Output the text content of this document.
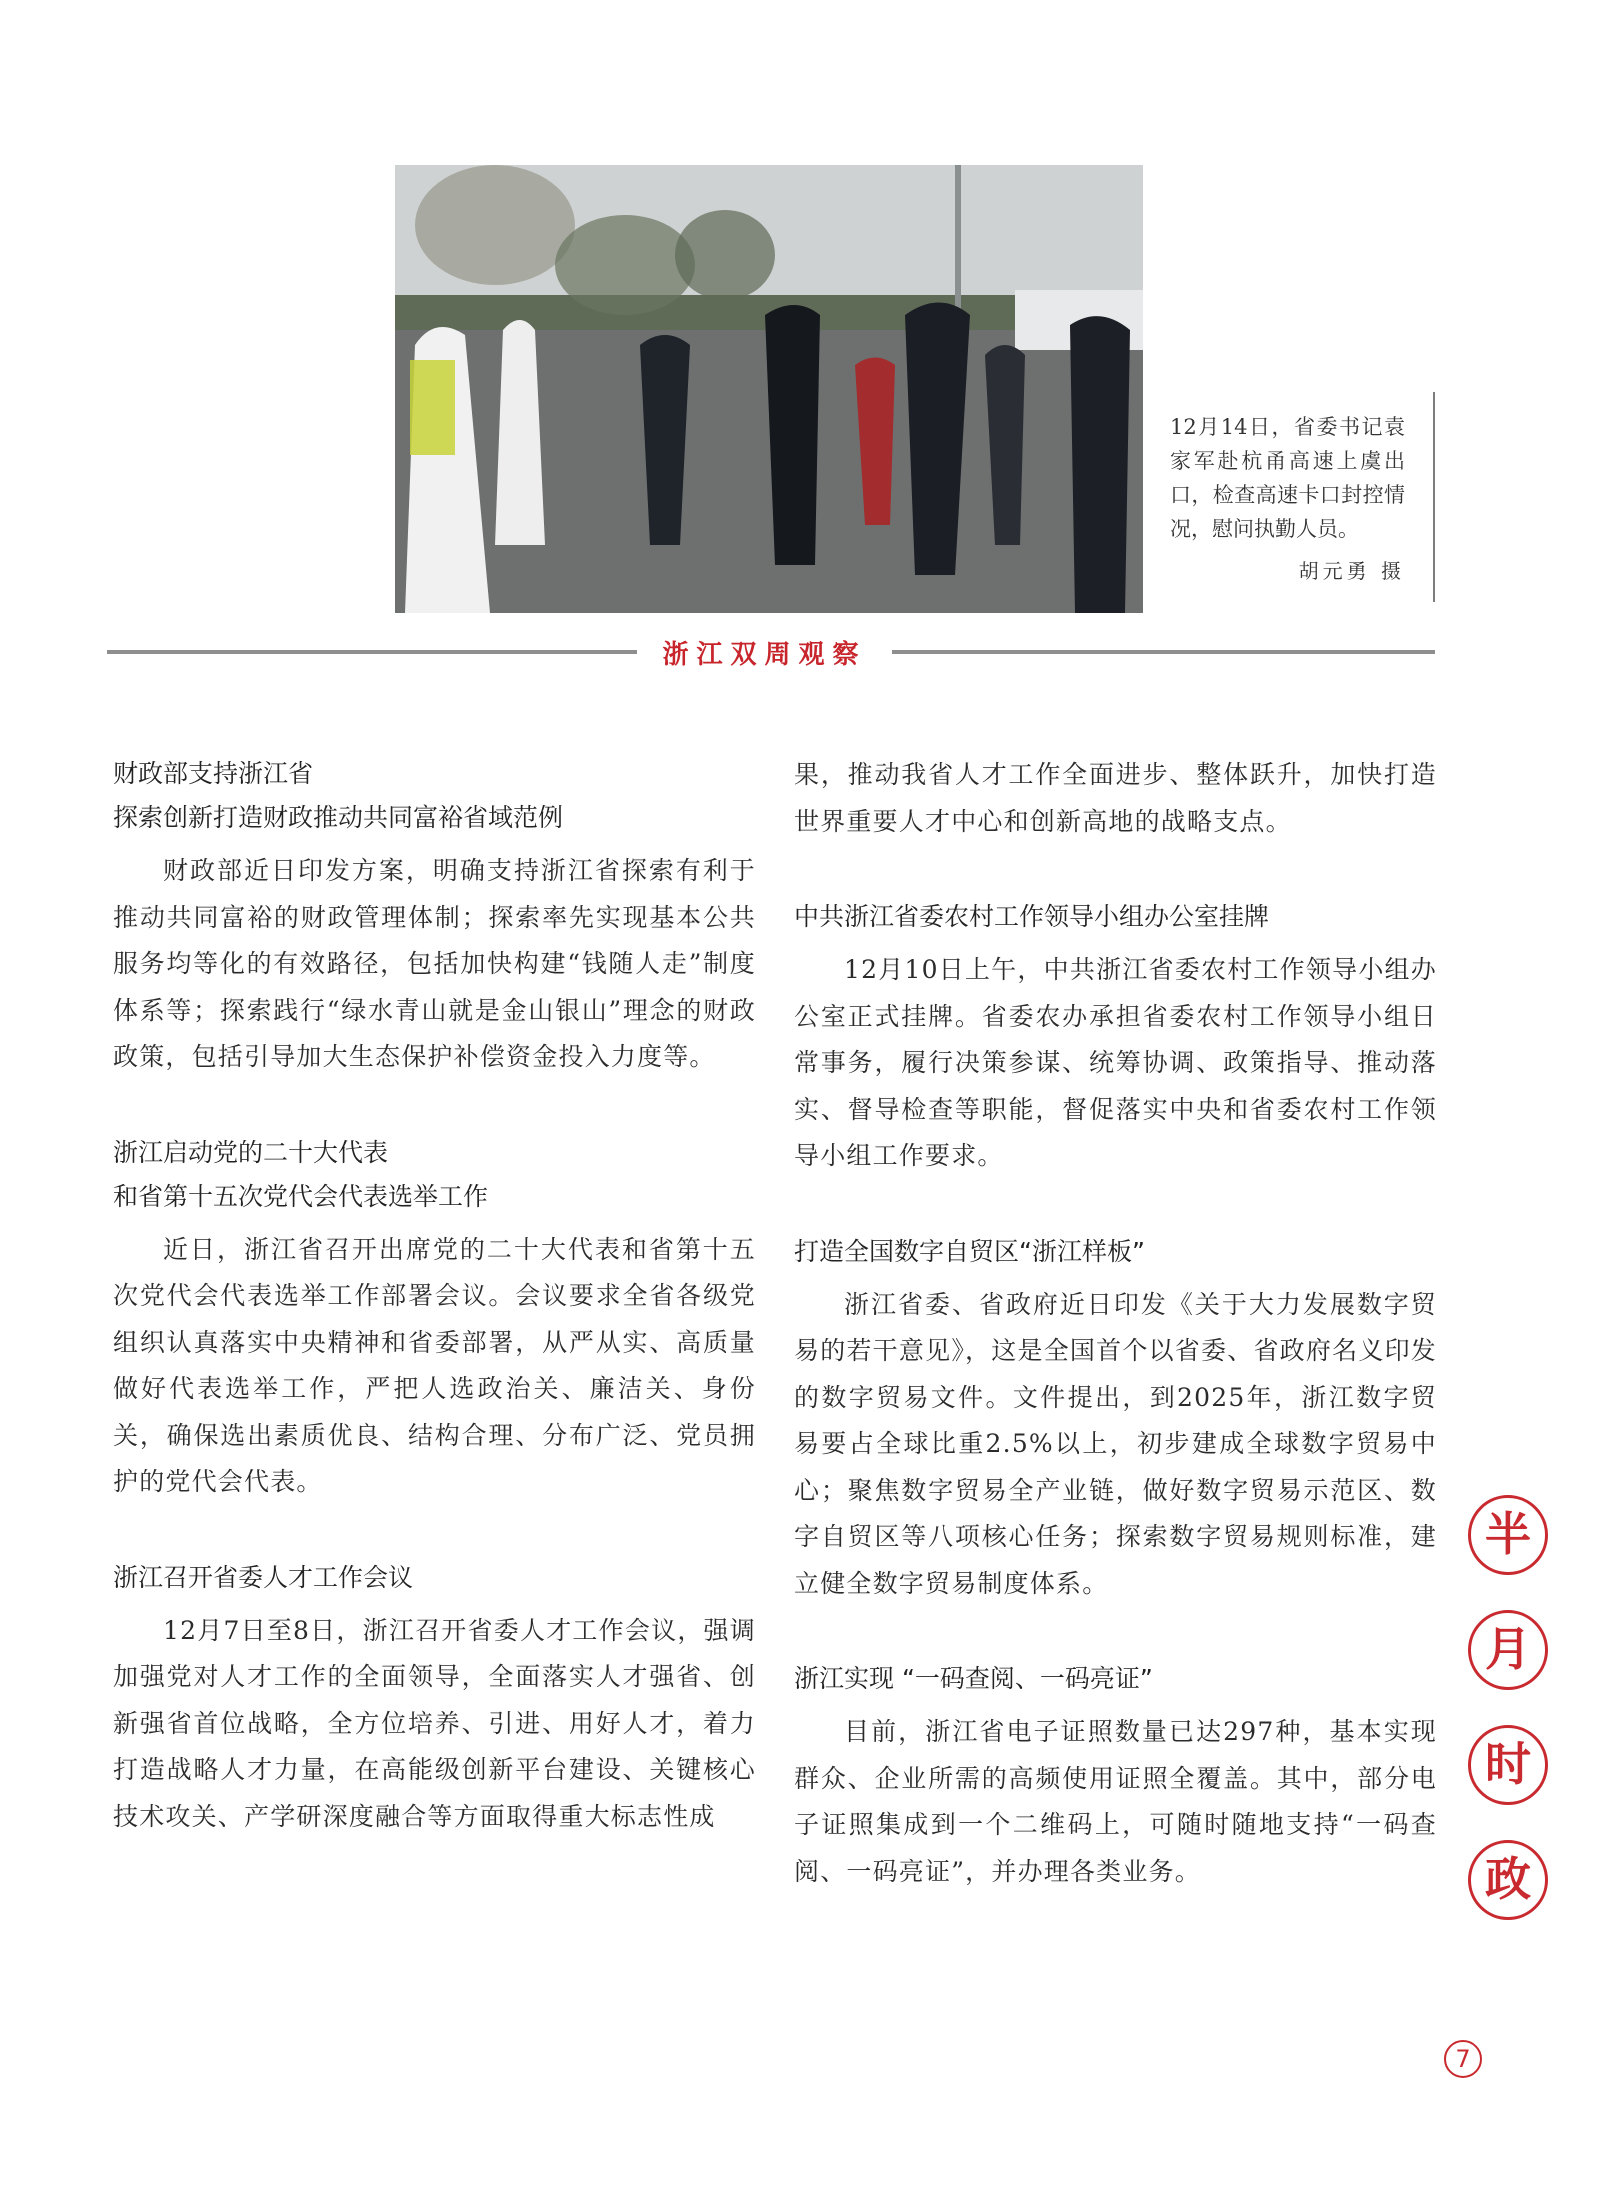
12月14日，省委书记袁家军赴杭甬高速上虞出口，检查高速卡口封控情况，慰问执勤人员。
胡元勇 摄
浙江双周观察

财政部支持浙江省

探索创新打造财政推动共同富裕省域范例

财政部近日印发方案，明确支持浙江省探索有利于推动共同富裕的财政管理体制；探索率先实现基本公共服务均等化的有效路径，包括加快构建“钱随人走”制度体系等；探索践行“绿水青山就是金山银山”理念的财政政策，包括引导加大生态保护补偿资金投入力度等。

浙江启动党的二十大代表

和省第十五次党代会代表选举工作

近日，浙江省召开出席党的二十大代表和省第十五次党代会代表选举工作部署会议。会议要求全省各级党组织认真落实中央精神和省委部署，从严从实、高质量做好代表选举工作，严把人选政治关、廉洁关、身份关，确保选出素质优良、结构合理、分布广泛、党员拥护的党代会代表。

浙江召开省委人才工作会议

12月7日至8日，浙江召开省委人才工作会议，强调加强党对人才工作的全面领导，全面落实人才强省、创新强省首位战略，全方位培养、引进、用好人才，着力打造战略人才力量，在高能级创新平台建设、关键核心技术攻关、产学研深度融合等方面取得重大标志性成

果，推动我省人才工作全面进步、整体跃升，加快打造世界重要人才中心和创新高地的战略支点。

中共浙江省委农村工作领导小组办公室挂牌

12月10日上午，中共浙江省委农村工作领导小组办公室正式挂牌。省委农办承担省委农村工作领导小组日常事务，履行决策参谋、统筹协调、政策指导、推动落实、督导检查等职能，督促落实中央和省委农村工作领导小组工作要求。

打造全国数字自贸区“浙江样板”

浙江省委、省政府近日印发《关于大力发展数字贸易的若干意见》，这是全国首个以省委、省政府名义印发的数字贸易文件。文件提出，到2025年，浙江数字贸易要占全球比重2.5%以上，初步建成全球数字贸易中心；聚焦数字贸易全产业链，做好数字贸易示范区、数字自贸区等八项核心任务；探索数字贸易规则标准，建立健全数字贸易制度体系。

浙江实现 “一码查阅、一码亮证”

目前，浙江省电子证照数量已达297种，基本实现群众、企业所需的高频使用证照全覆盖。其中，部分电子证照集成到一个二维码上，可随时随地支持“一码查阅、一码亮证”，并办理各类业务。

半
月
时
政
7
